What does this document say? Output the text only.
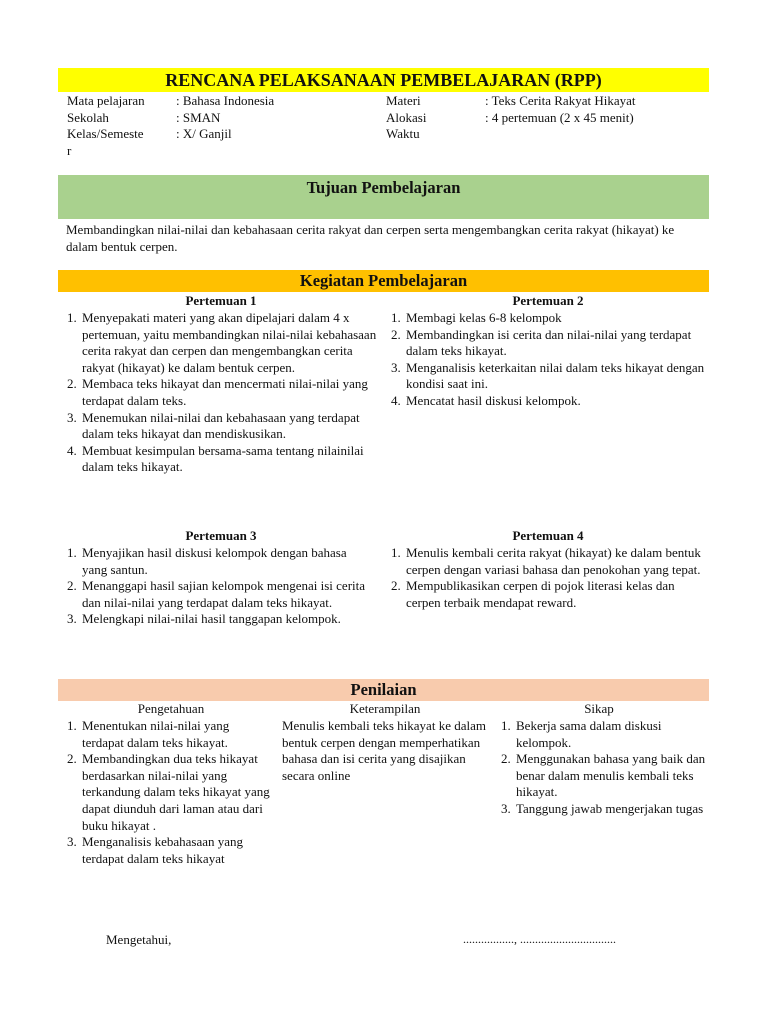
RENCANA PELAKSANAAN PEMBELAJARAN (RPP)
Mata pelajaran
Sekolah
Kelas/Semeste
r
: Bahasa Indonesia
: SMAN
: X/ Ganjil
Materi
Alokasi
Waktu
: Teks Cerita Rakyat Hikayat
: 4 pertemuan (2 x 45 menit)
Tujuan Pembelajaran
Membandingkan nilai-nilai dan kebahasaan cerita rakyat dan cerpen serta mengembangkan cerita rakyat (hikayat) ke dalam bentuk cerpen.
Kegiatan Pembelajaran
Pertemuan 1
1. Menyepakati materi yang akan dipelajari dalam 4 x pertemuan, yaitu membandingkan nilai-nilai kebahasaan cerita rakyat dan cerpen dan mengembangkan cerita rakyat (hikayat) ke dalam bentuk cerpen.
2. Membaca teks hikayat dan mencermati nilai-nilai yang terdapat dalam teks.
3. Menemukan nilai-nilai dan kebahasaan yang terdapat dalam teks hikayat dan mendiskusikan.
4. Membuat kesimpulan bersama-sama tentang nilainilai dalam teks hikayat.
Pertemuan 2
1. Membagi kelas 6-8 kelompok
2. Membandingkan isi cerita dan nilai-nilai yang terdapat dalam teks hikayat.
3. Menganalisis keterkaitan nilai dalam teks hikayat dengan kondisi saat ini.
4. Mencatat hasil diskusi kelompok.
Pertemuan 3
1. Menyajikan hasil diskusi kelompok dengan bahasa yang santun.
2. Menanggapi hasil sajian kelompok mengenai isi cerita dan nilai-nilai yang terdapat dalam teks hikayat.
3. Melengkapi nilai-nilai hasil tanggapan kelompok.
Pertemuan 4
1. Menulis kembali cerita rakyat (hikayat) ke dalam bentuk cerpen dengan variasi bahasa dan penokohan yang tepat.
2. Mempublikasikan cerpen di pojok literasi kelas dan cerpen terbaik mendapat reward.
Penilaian
Pengetahuan
1. Menentukan nilai-nilai yang terdapat dalam teks hikayat.
2. Membandingkan dua teks hikayat berdasarkan nilai-nilai yang terkandung dalam teks hikayat yang dapat diunduh dari laman atau dari buku hikayat .
3. Menganalisis kebahasaan yang terdapat dalam teks hikayat
Keterampilan
Menulis kembali teks hikayat ke dalam bentuk cerpen dengan memperhatikan bahasa dan isi cerita yang disajikan secara online
Sikap
1. Bekerja sama dalam diskusi kelompok.
2. Menggunakan bahasa yang baik dan benar dalam menulis kembali teks hikayat.
3. Tanggung jawab mengerjakan tugas
Mengetahui,	................., ................................
